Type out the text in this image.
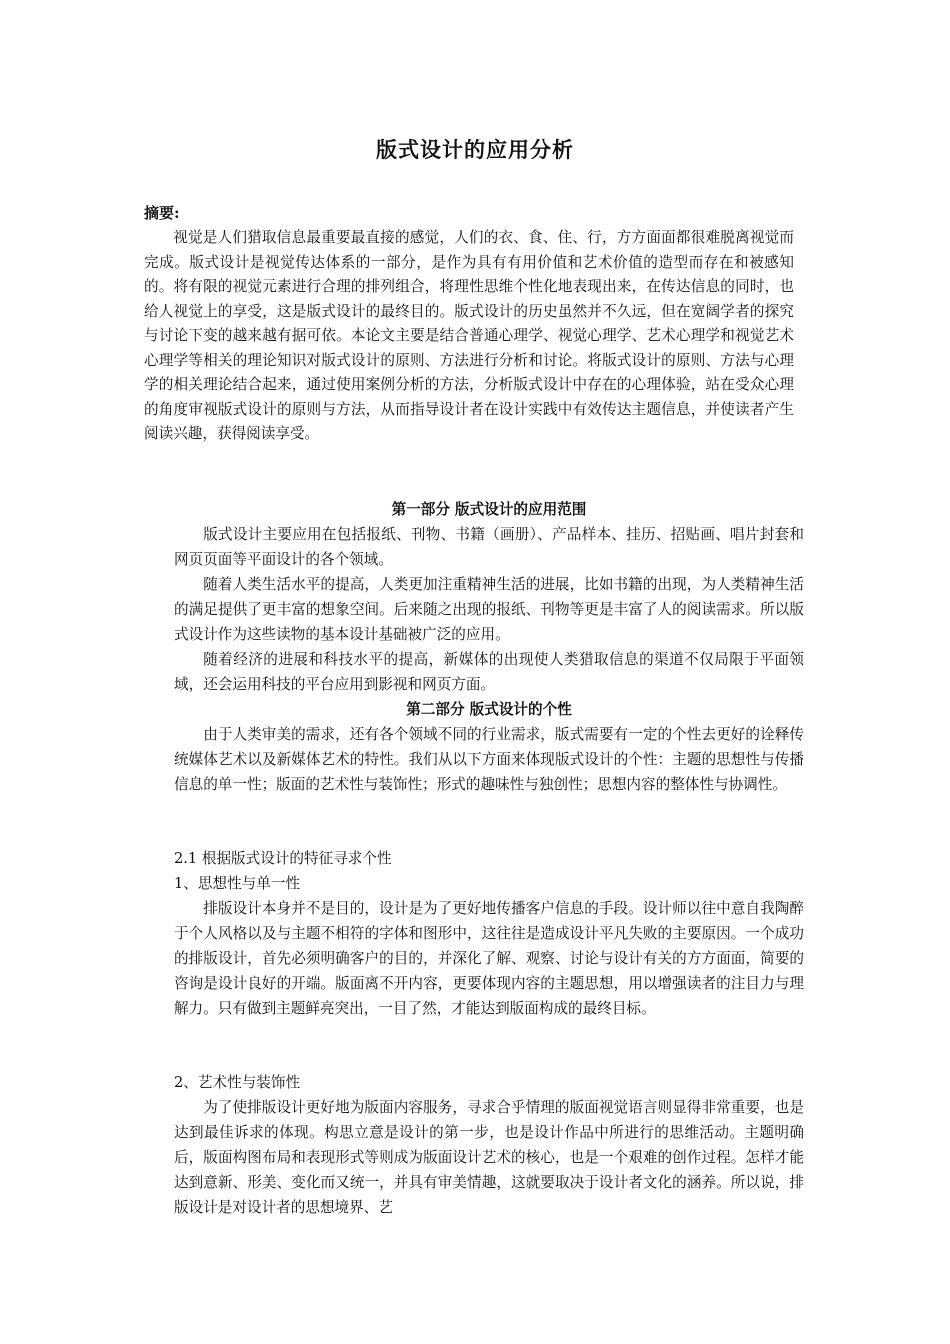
版式设计的应用分析
摘要:

视觉是人们猎取信息最重要最直接的感觉，人们的衣、食、住、行，方方面面都很难脱离视觉而完成。版式设计是视觉传达体系的一部分，是作为具有有用价值和艺术价值的造型而存在和被感知的。将有限的视觉元素进行合理的排列组合，将理性思维个性化地表现出来，在传达信息的同时，也给人视觉上的享受，这是版式设计的最终目的。版式设计的历史虽然并不久远，但在宽阔学者的探究与讨论下变的越来越有据可依。本论文主要是结合普通心理学、视觉心理学、艺术心理学和视觉艺术心理学等相关的理论知识对版式设计的原则、方法进行分析和讨论。将版式设计的原则、方法与心理学的相关理论结合起来，通过使用案例分析的方法，分析版式设计中存在的心理体验，站在受众心理的角度审视版式设计的原则与方法，从而指导设计者在设计实践中有效传达主题信息，并使读者产生阅读兴趣，获得阅读享受。

第一部分 版式设计的应用范围

版式设计主要应用在包括报纸、刊物、书籍（画册）、产品样本、挂历、招贴画、唱片封套和网页页面等平面设计的各个领域。

随着人类生活水平的提高，人类更加注重精神生活的进展，比如书籍的出现，为人类精神生活的满足提供了更丰富的想象空间。后来随之出现的报纸、刊物等更是丰富了人的阅读需求。所以版式设计作为这些读物的基本设计基础被广泛的应用。

随着经济的进展和科技水平的提高，新媒体的出现使人类猎取信息的渠道不仅局限于平面领域，还会运用科技的平台应用到影视和网页方面。

第二部分 版式设计的个性

由于人类审美的需求，还有各个领域不同的行业需求，版式需要有一定的个性去更好的诠释传统媒体艺术以及新媒体艺术的特性。我们从以下方面来体现版式设计的个性：主题的思想性与传播信息的单一性；版面的艺术性与装饰性；形式的趣味性与独创性；思想内容的整体性与协调性。

2.1 根据版式设计的特征寻求个性

1、思想性与单一性

排版设计本身并不是目的，设计是为了更好地传播客户信息的手段。设计师以往中意自我陶醉于个人风格以及与主题不相符的字体和图形中，这往往是造成设计平凡失败的主要原因。一个成功的排版设计，首先必须明确客户的目的，并深化了解、观察、讨论与设计有关的方方面面，简要的咨询是设计良好的开端。版面离不开内容，更要体现内容的主题思想，用以增强读者的注目力与理解力。只有做到主题鲜亮突出，一目了然，才能达到版面构成的最终目标。

2、艺术性与装饰性

为了使排版设计更好地为版面内容服务，寻求合乎情理的版面视觉语言则显得非常重要，也是达到最佳诉求的体现。构思立意是设计的第一步，也是设计作品中所进行的思维活动。主题明确后，版面构图布局和表现形式等则成为版面设计艺术的核心，也是一个艰难的创作过程。怎样才能达到意新、形美、变化而又统一，并具有审美情趣，这就要取决于设计者文化的涵养。所以说，排版设计是对设计者的思想境界、艺
